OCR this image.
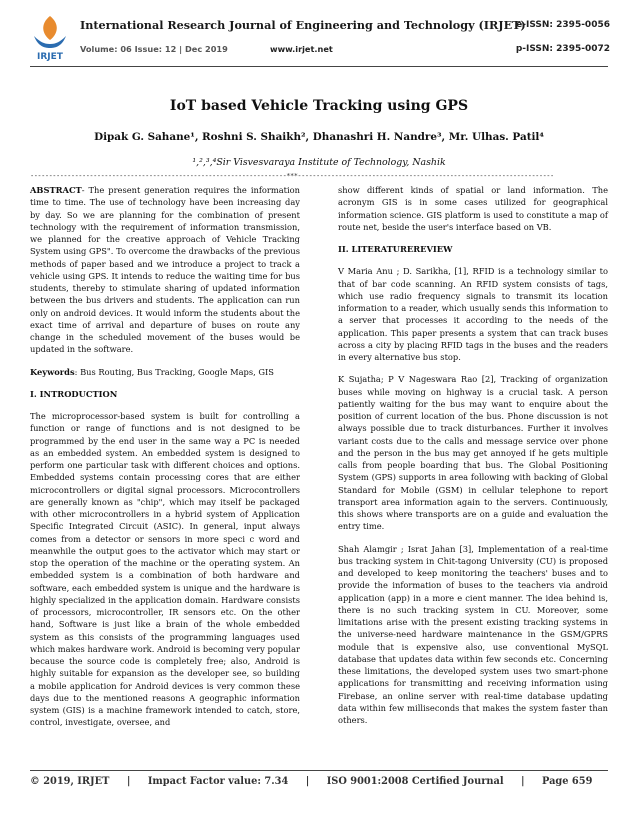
IRJET
International Research Journal of Engineering and Technology (IRJET)
e-ISSN: 2395-0056
Volume: 06 Issue: 12 | Dec 2019	www.irjet.net	p-ISSN: 2395-0072
IoT based Vehicle Tracking using GPS
Dipak G. Sahane¹, Roshni S. Shaikh², Dhanashri H. Nandre³, Mr. Ulhas. Patil⁴
¹,²,³,⁴Sir Visvesvaraya Institute of Technology, Nashik
---------------------------------------------------------------------***---------------------------------------------------------------------

ABSTRACT- The present generation requires the information time to time. The use of technology have been increasing day by day. So we are planning for the combination of present technology with the requirement of information transmission, we planned for the creative approach of Vehicle Tracking System using GPS". To overcome the drawbacks of the previous methods of paper based and we introduce a project to track a vehicle using GPS. It intends to reduce the waiting time for bus students, thereby to stimulate sharing of updated information between the bus drivers and students. The application can run only on android devices. It would inform the students about the exact time of arrival and departure of buses on route any change in the scheduled movement of the buses would be updated in the software.

Keywords: Bus Routing, Bus Tracking, Google Maps, GIS

I. INTRODUCTION

The microprocessor-based system is built for controlling a function or range of functions and is not designed to be programmed by the end user in the same way a PC is needed as an embedded system. An embedded system is designed to perform one particular task with different choices and options. Embedded systems contain processing cores that are either microcontrollers or digital signal processors. Microcontrollers are generally known as "chip", which may itself be packaged with other microcontrollers in a hybrid system of Application Specific Integrated Circuit (ASIC). In general, input always comes from a detector or sensors in more speci c word and meanwhile the output goes to the activator which may start or stop the operation of the machine or the operating system. An embedded system is a combination of both hardware and software, each embedded system is unique and the hardware is highly specialized in the application domain. Hardware consists of processors, microcontroller, IR sensors etc. On the other hand, Software is just like a brain of the whole embedded system as this consists of the programming languages used which makes hardware work. Android is becoming very popular because the source code is completely free; also, Android is highly suitable for expansion as the developer see, so building a mobile application for Android devices is very common these days due to the mentioned reasons A geographic information system (GIS) is a machine framework intended to catch, store, control, investigate, oversee, and

show different kinds of spatial or land information. The acronym GIS is in some cases utilized for geographical information science. GIS platform is used to constitute a map of route net, beside the user's interface based on VB.

II. LITERATUREREVIEW

V Maria Anu ; D. Sarikha, [1], RFID is a technology similar to that of bar code scanning. An RFID system consists of tags, which use radio frequency signals to transmit its location information to a reader, which usually sends this information to a server that processes it according to the needs of the application. This paper presents a system that can track buses across a city by placing RFID tags in the buses and the readers in every alternative bus stop.

K Sujatha; P V Nageswara Rao [2], Tracking of organization buses while moving on highway is a crucial task. A person patiently waiting for the bus may want to enquire about the position of current location of the bus. Phone discussion is not always possible due to track disturbances. Further it involves variant costs due to the calls and message service over phone and the person in the bus may get annoyed if he gets multiple calls from people boarding that bus. The Global Positioning System (GPS) supports in area following with backing of Global Standard for Mobile (GSM) in cellular telephone to report transport area information again to the servers. Continuously, this shows where transports are on a guide and evaluation the entry time.

Shah Alamgir ; Israt Jahan [3], Implementation of a real-time bus tracking system in Chit-tagong University (CU) is proposed and developed to keep monitoring the teachers' buses and to provide the information of buses to the teachers via android application (app) in a more e cient manner. The idea behind is, there is no such tracking system in CU. Moreover, some limitations arise with the present existing tracking systems in the universe-need hardware maintenance in the GSM/GPRS module that is expensive also, use conventional MySQL database that updates data within few seconds etc. Concerning these limitations, the developed system uses two smart-phone applications for transmitting and receiving information using Firebase, an online server with real-time database updating data within few milliseconds that makes the system faster than others.

© 2019, IRJET | Impact Factor value: 7.34 | ISO 9001:2008 Certified Journal | Page 659
